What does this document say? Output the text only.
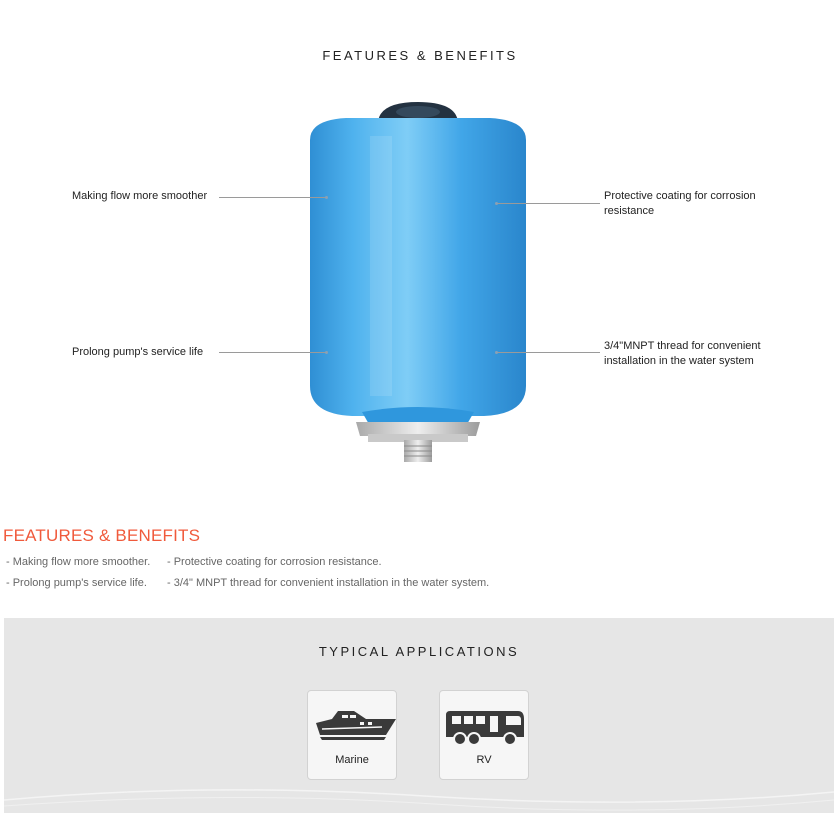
FEATURES & BENEFITS
Making flow more smoother
Prolong pump's service life
Protective coating for corrosion
resistance
3/4"MNPT thread for convenient
installation in the water system
FEATURES & BENEFITS
- Making flow more smoother. - Protective coating for corrosion resistance.
- Prolong pump's service life. - 3/4" MNPT thread for convenient installation in the water system.
TYPICAL APPLICATIONS
Marine	RV
